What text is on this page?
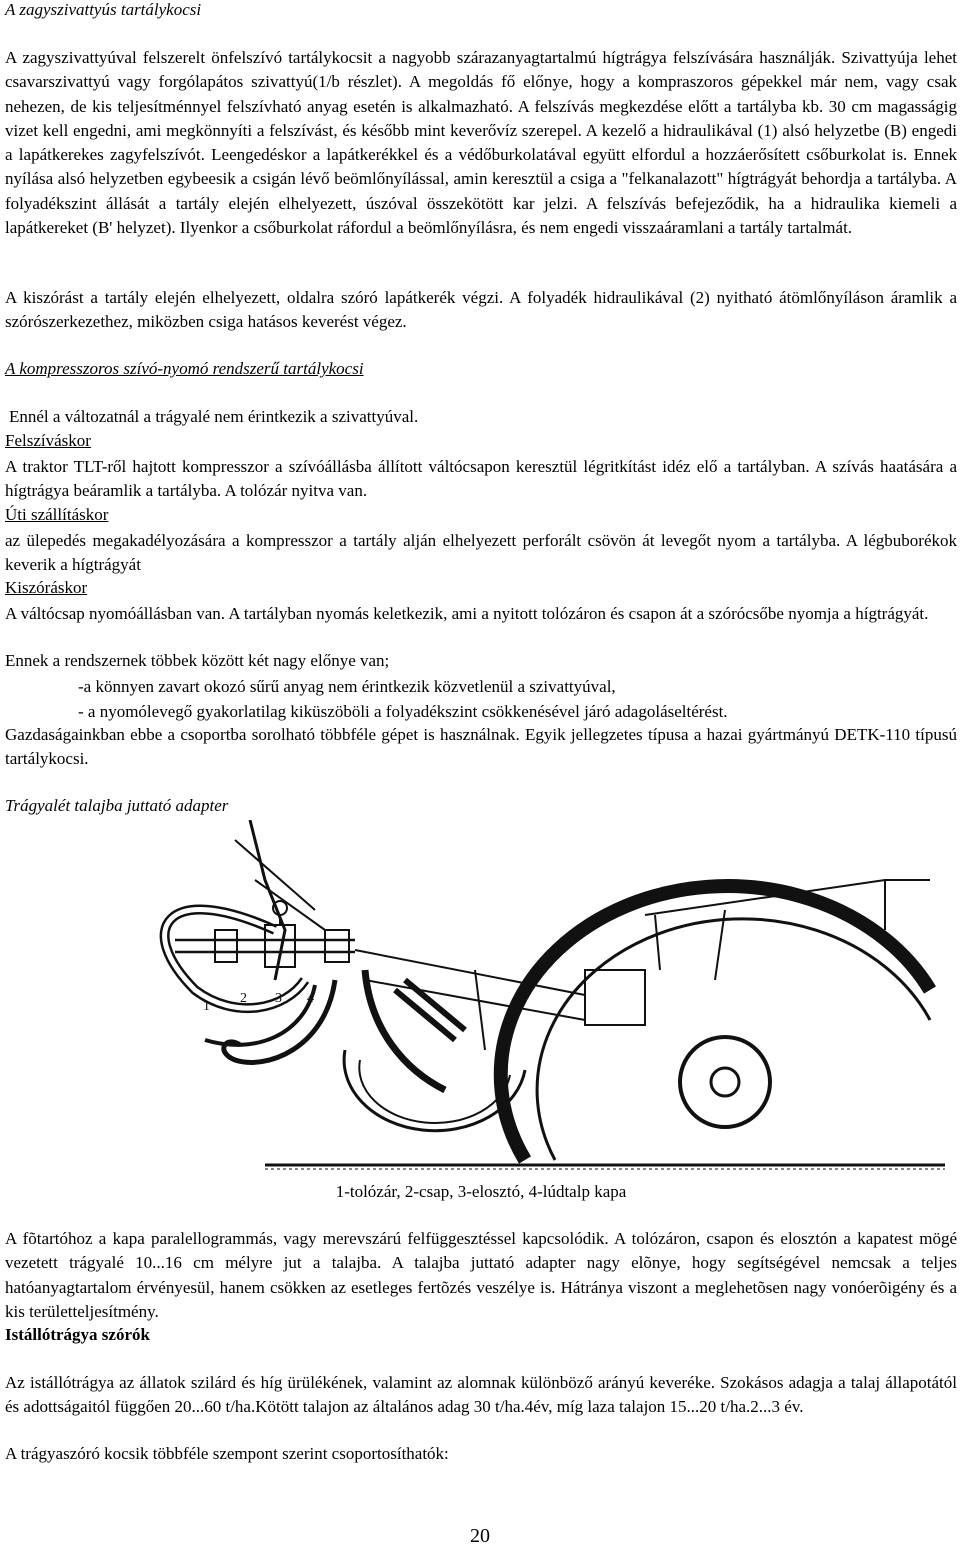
A zagyszivattyús tartálykocsi

A zagyszivattyúval felszerelt önfelszívó tartálykocsit a nagyobb szárazanyagtartalmú hígtrágya felszívására használják. Szivattyúja lehet csavarszivattyú vagy forgólapátos szivattyú(1/b részlet). A megoldás fő előnye, hogy a kompraszoros gépekkel már nem, vagy csak nehezen, de kis teljesítménnyel felszívható anyag esetén is alkalmazható. A felszívás megkezdése előtt a tartályba kb. 30 cm magasságig vizet kell engedni, ami megkönnyíti a felszívást, és később mint keverővíz szerepel. A kezelő a hidraulikával (1) alsó helyzetbe (B) engedi a lapátkerekes zagyfelszívót. Leengedéskor a lapátkerékkel és a védőburkolatával együtt elfordul a hozzáerősített csőburkolat is. Ennek nyílása alsó helyzetben egybeesik a csigán lévő beömlőnyílással, amin keresztül a csiga a "felkanalazott" hígtrágyát behordja a tartályba. A folyadékszint állását a tartály elején elhelyezett, úszóval összekötött kar jelzi. A felszívás befejeződik, ha a hidraulika kiemeli a lapátkereket (B' helyzet). Ilyenkor a csőburkolat ráfordul a beömlőnyílásra, és nem engedi visszaáramlani a tartály tartalmát.

A kiszórást a tartály elején elhelyezett, oldalra szóró lapátkerék végzi. A folyadék hidraulikával (2) nyitható átömlőnyíláson áramlik a szórószerkezethez, miközben csiga hatásos keverést végez.

A kompresszoros szívó-nyomó rendszerű tartálykocsi
Ennél a változatnál a trágyalé nem érintkezik a szivattyúval.
Felszíváskor

A traktor TLT-ről hajtott kompresszor a szívóállásba állított váltócsapon keresztül légritkítást idéz elő a tartályban. A szívás haatására a hígtrágya beáramlik a tartályba. A tolózár nyitva van.

Úti szállításkor

az ülepedés megakadélyozására a kompresszor a tartály alján elhelyezett perforált csövön át levegőt nyom a tartályba. A légbuborékok keverik a hígtrágyát

Kiszóráskor

A váltócsap nyomóállásban van. A tartályban nyomás keletkezik, ami a nyitott tolózáron és csapon át a szórócsőbe nyomja a hígtrágyát.

Ennek a rendszernek többek között két nagy előnye van;
-a könnyen zavart okozó sűrű anyag nem érintkezik közvetlenül a szivattyúval,
- a nyomólevegő gyakorlatilag kiküszöböli a folyadékszint csökkenésével járó adagoláseltérést.

Gazdaságainkban ebbe a csoportba sorolható többféle gépet is használnak. Egyik jellegzetes típusa a hazai gyártmányú DETK-110 típusú tartálykocsi.

Trágyalét talajba juttató adapter
1
2 3 4
1-tolózár, 2-csap, 3-elosztó, 4-lúdtalp kapa

A fõtartóhoz a kapa paralellogrammás, vagy merevszárú felfüggesztéssel kapcsolódik. A tolózáron, csapon és elosztón a kapatest mögé vezetett trágyalé 10...16 cm mélyre jut a talajba. A talajba juttató adapter nagy elõnye, hogy segítségével nemcsak a teljes hatóanyagtartalom érvényesül, hanem csökken az esetleges fertõzés veszélye is. Hátránya viszont a meglehetõsen nagy vonóerõigény és a kis területteljesítmény.

Istállótrágya szórók

Az istállótrágya az állatok szilárd és híg ürülékének, valamint az alomnak különböző arányú keveréke. Szokásos adagja a talaj állapotától és adottságaitól függően 20...60 t/ha.Kötött talajon az általános adag 30 t/ha.4év, míg laza talajon 15...20 t/ha.2...3 év.

A trágyaszóró kocsik többféle szempont szerint csoportosíthatók:
20
